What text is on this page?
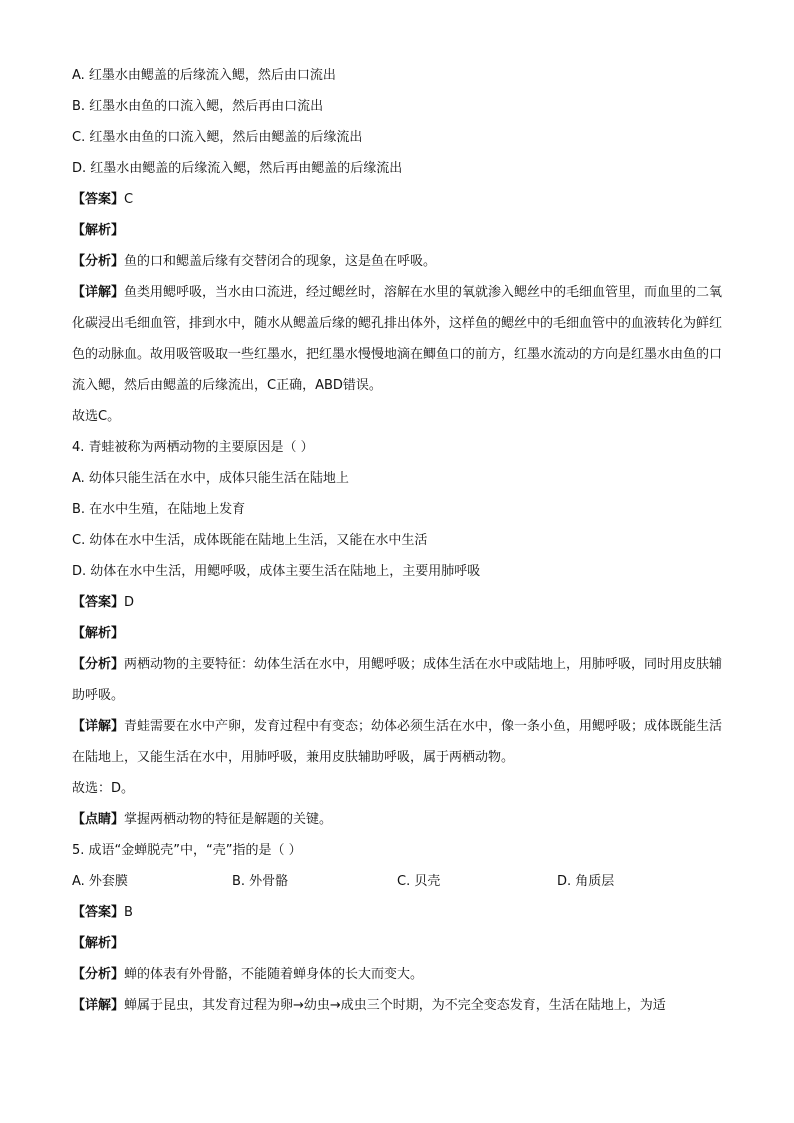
A. 红墨水由鳃盖的后缘流入鳃，然后由口流出
B. 红墨水由鱼的口流入鳃，然后再由口流出
C. 红墨水由鱼的口流入鳃，然后由鳃盖的后缘流出
D. 红墨水由鳃盖的后缘流入鳃，然后再由鳃盖的后缘流出
【答案】C
【解析】
【分析】鱼的口和鳃盖后缘有交替闭合的现象，这是鱼在呼吸。
【详解】鱼类用鳃呼吸，当水由口流进，经过鳃丝时，溶解在水里的氧就渗入鳃丝中的毛细血管里，而血里的二氧化碳浸出毛细血管，排到水中，随水从鳃盖后缘的鳃孔排出体外，这样鱼的鳃丝中的毛细血管中的血液转化为鲜红色的动脉血。故用吸管吸取一些红墨水，把红墨水慢慢地滴在鲫鱼口的前方，红墨水流动的方向是红墨水由鱼的口流入鳃，然后由鳃盖的后缘流出，C正确，ABD错误。
故选C。
4. 青蛙被称为两栖动物的主要原因是（ ）
A. 幼体只能生活在水中，成体只能生活在陆地上
B. 在水中生殖，在陆地上发育
C. 幼体在水中生活，成体既能在陆地上生活，又能在水中生活
D. 幼体在水中生活，用鳃呼吸，成体主要生活在陆地上，主要用肺呼吸
【答案】D
【解析】
【分析】两栖动物的主要特征：幼体生活在水中，用鳃呼吸；成体生活在水中或陆地上，用肺呼吸，同时用皮肤辅助呼吸。
【详解】青蛙需要在水中产卵，发育过程中有变态；幼体必须生活在水中，像一条小鱼，用鳃呼吸；成体既能生活在陆地上，又能生活在水中，用肺呼吸，兼用皮肤辅助呼吸，属于两栖动物。
故选：D。
【点睛】掌握两栖动物的特征是解题的关键。
5. 成语“金蝉脱壳”中，“壳”指的是（ ）
A. 外套膜	B. 外骨骼	C. 贝壳	D. 角质层
【答案】B
【解析】
【分析】蝉的体表有外骨骼，不能随着蝉身体的长大而变大。
【详解】蝉属于昆虫，其发育过程为卵→幼虫→成虫三个时期，为不完全变态发育，生活在陆地上，为适
